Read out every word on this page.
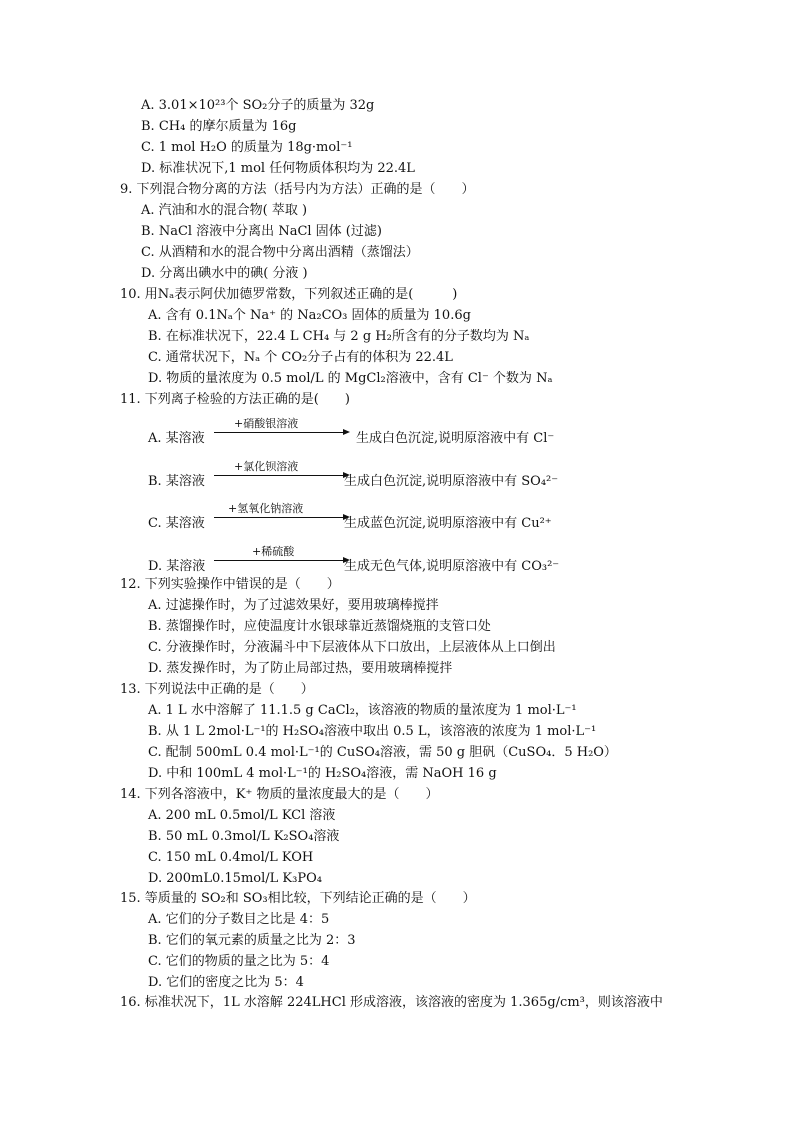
A. 3.01×10²³个 SO₂分子的质量为 32g
B. CH₄ 的摩尔质量为 16g
C. 1 mol H₂O 的质量为 18g·mol⁻¹
D. 标准状况下,1 mol 任何物质体积均为 22.4L
9. 下列混合物分离的方法（括号内为方法）正确的是（　　）
A. 汽油和水的混合物( 萃取 )
B. NaCl 溶液中分离出 NaCl 固体 (过滤)
C. 从酒精和水的混合物中分离出酒精（蒸馏法）
D. 分离出碘水中的碘( 分液 )
10. 用Nₐ表示阿伏加德罗常数，下列叙述正确的是(　　　)
A. 含有 0.1Nₐ个 Na⁺ 的 Na₂CO₃ 固体的质量为 10.6g
B. 在标准状况下，22.4 L CH₄ 与 2 g H₂所含有的分子数均为 Nₐ
C. 通常状况下，Nₐ 个 CO₂分子占有的体积为 22.4L
D. 物质的量浓度为 0.5 mol/L 的 MgCl₂溶液中，含有 Cl⁻ 个数为 Nₐ
11. 下列离子检验的方法正确的是(　　)
A. 某溶液
+硝酸银溶液
生成白色沉淀,说明原溶液中有 Cl⁻
B. 某溶液
+氯化钡溶液
生成白色沉淀,说明原溶液中有 SO₄²⁻
C. 某溶液
+氢氧化钠溶液
生成蓝色沉淀,说明原溶液中有 Cu²⁺
D. 某溶液
+稀硫酸
生成无色气体,说明原溶液中有 CO₃²⁻
12. 下列实验操作中错误的是（　　）
A. 过滤操作时，为了过滤效果好，要用玻璃棒搅拌
B. 蒸馏操作时，应使温度计水银球靠近蒸馏烧瓶的支管口处
C. 分液操作时，分液漏斗中下层液体从下口放出，上层液体从上口倒出
D. 蒸发操作时，为了防止局部过热，要用玻璃棒搅拌
13. 下列说法中正确的是（　　）
A. 1 L 水中溶解了 11.1.5 g CaCl₂，该溶液的物质的量浓度为 1 mol·L⁻¹
B. 从 1 L 2mol·L⁻¹的 H₂SO₄溶液中取出 0.5 L，该溶液的浓度为 1 mol·L⁻¹
C. 配制 500mL 0.4 mol·L⁻¹的 CuSO₄溶液，需 50 g 胆矾（CuSO₄．5 H₂O）
D. 中和 100mL 4 mol·L⁻¹的 H₂SO₄溶液，需 NaOH 16 g
14. 下列各溶液中，K⁺ 物质的量浓度最大的是（　　）
A. 200 mL 0.5mol/L KCl 溶液
B. 50 mL 0.3mol/L K₂SO₄溶液
C. 150 mL 0.4mol/L KOH
D. 200mL0.15mol/L K₃PO₄
15. 等质量的 SO₂和 SO₃相比较，下列结论正确的是（　　）
A. 它们的分子数目之比是 4：5
B. 它们的氧元素的质量之比为 2：3
C. 它们的物质的量之比为 5：4
D. 它们的密度之比为 5：4
16. 标准状况下，1L 水溶解 224LHCl 形成溶液，该溶液的密度为 1.365g/cm³，则该溶液中
